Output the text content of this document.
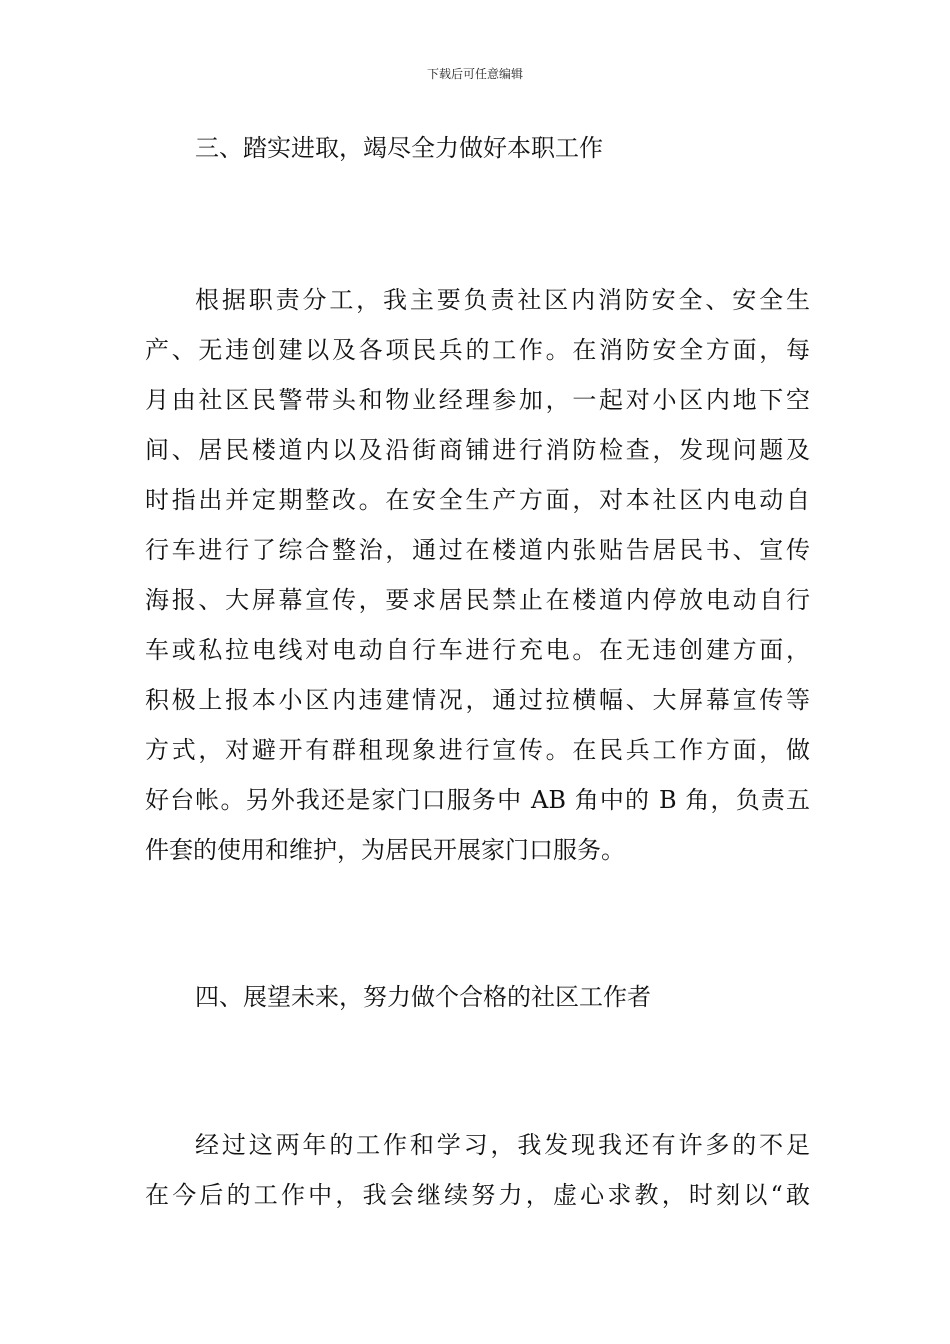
下载后可任意编辑
三、踏实进取，竭尽全力做好本职工作
根据职责分工，我主要负责社区内消防安全、安全生
产、无违创建以及各项民兵的工作。在消防安全方面，每
月由社区民警带头和物业经理参加，一起对小区内地下空
间、居民楼道内以及沿街商铺进行消防检查，发现问题及
时指出并定期整改。在安全生产方面，对本社区内电动自
行车进行了综合整治，通过在楼道内张贴告居民书、宣传
海报、大屏幕宣传，要求居民禁止在楼道内停放电动自行
车或私拉电线对电动自行车进行充电。在无违创建方面，
积极上报本小区内违建情况，通过拉横幅、大屏幕宣传等
方式，对避开有群租现象进行宣传。在民兵工作方面，做
好台帐。另外我还是家门口服务中 AB 角中的 B 角，负责五
件套的使用和维护，为居民开展家门口服务。
四、展望未来，努力做个合格的社区工作者
经过这两年的工作和学习，我发现我还有许多的不足
在今后的工作中，我会继续努力，虚心求教，时刻以“敢
